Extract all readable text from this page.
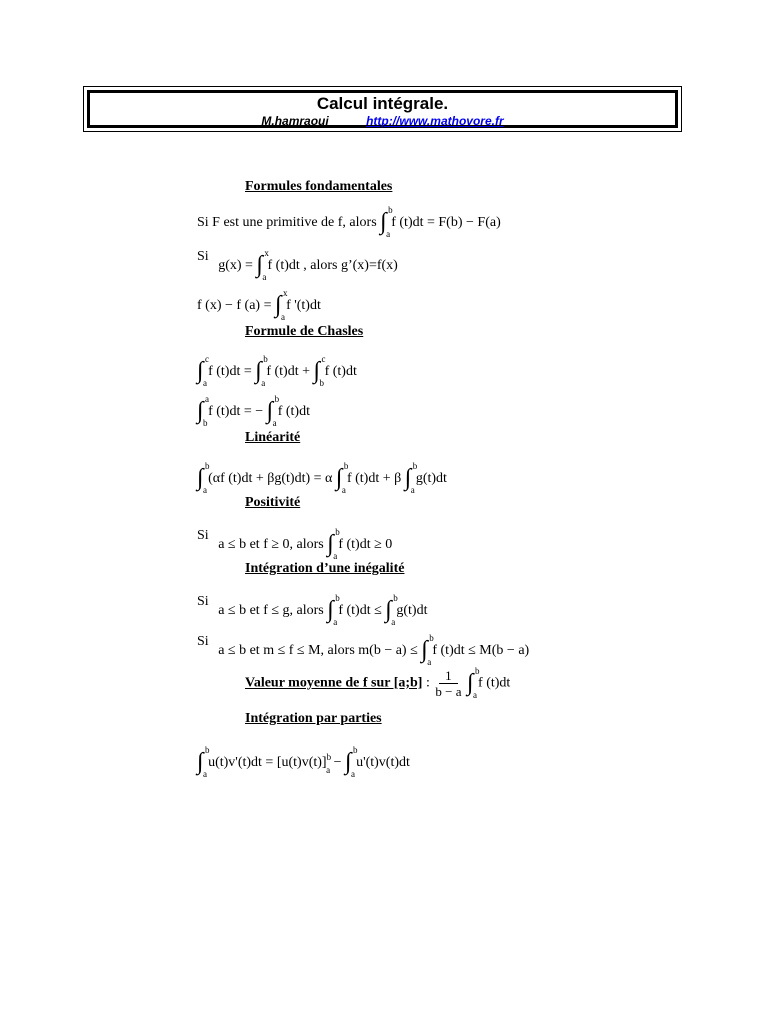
Calcul intégrale.
M.hamraoui	http://www.mathovore.fr
Formules fondamentales
Si F est une primitive de f, alors ∫ b
a
f (t)dt = F(b) − F(a)
Si g(x) = ∫ x
a
f (t)dt , alors g’(x)=f(x)
f (x) − f (a) = ∫ x
a
f '(t)dt
Formule de Chasles
∫ c
a
f (t)dt = ∫ b
a
f (t)dt + ∫ c
b
f (t)dt
∫ a
b
f (t)dt = − ∫ b
a
f (t)dt
Linéarité
∫ b
a
(αf (t)dt + βg(t)dt) = α ∫ b
a
f (t)dt + β ∫ b
a
g(t)dt
Positivité
Si a ≤ b et f ≥ 0, alors ∫ b
a
f (t)dt ≥ 0
Intégration d’une inégalité
Si a ≤ b et f ≤ g, alors ∫ b
a
f (t)dt ≤ ∫ b
a
g(t)dt
Si a ≤ b et m ≤ f ≤ M, alors m(b − a) ≤ ∫ b
a
f (t)dt ≤ M(b − a)
Valeur moyenne de f sur [a;b] : $\frac{1}{b - a}$ ∫ b
a
f (t)dt
Intégration par parties
∫ b
a
$u(t)v'(t)dt = [u(t)v(t)]^b_a$ − ∫ b
a
u'(t)v(t)dt
